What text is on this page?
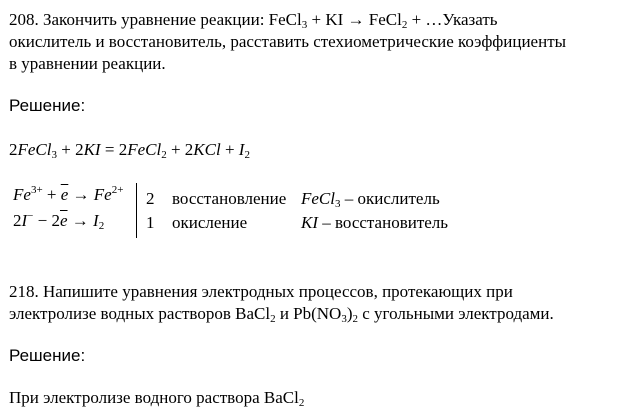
208. Закончить уравнение реакции: FeCl$_3$ + KI → FeCl$_2$ + …Указать
окислитель и восстановитель, расставить стехиометрические коэффициенты
в уравнении реакции.
Решение:
2FeCl$_3$ + 2KI = 2FeCl$_2$ + $2KCl + I_2$
$Fe^{3+} + \overline{e} \to Fe^{2+}$
$2I^- - 2\overline{e} \to I_2$
2
1
восстановление
окисление
FeCl$_3$ – окислитель
KI – восстановитель
218. Напишите уравнения электродных процессов, протекающих при
электролизе водных растворов BaCl$_2$ и $Pb(NO_3)_2$ с угольными электродами.
Решение:
При электролизе водного раствора BaCl$_2$
